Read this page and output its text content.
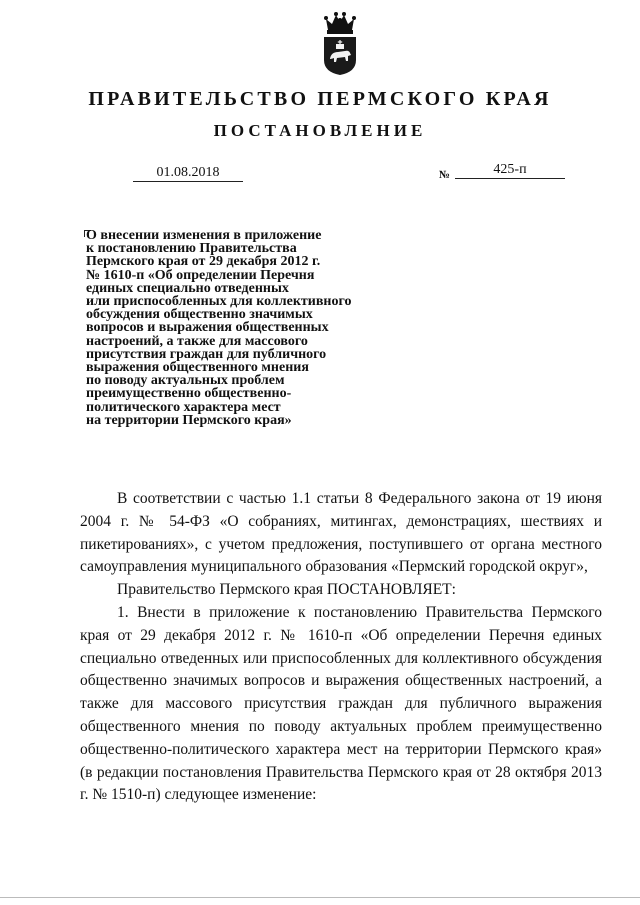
ПРАВИТЕЛЬСТВО ПЕРМСКОГО КРАЯ
ПОСТАНОВЛЕНИЕ
01.08.2018	№	425-п
О внесении изменения в приложение
к постановлению Правительства
Пермского края от 29 декабря 2012 г.
№ 1610-п «Об определении Перечня
единых специально отведенных
или приспособленных для коллективного
обсуждения общественно значимых
вопросов и выражения общественных
настроений, а также для массового
присутствия граждан для публичного
выражения общественного мнения
по поводу актуальных проблем
преимущественно общественно-
политического характера мест
на территории Пермского края»

В соответствии с частью 1.1 статьи 8 Федерального закона от 19 июня 2004 г. № 54-ФЗ «О собраниях, митингах, демонстрациях, шествиях и пикетированиях», с учетом предложения, поступившего от органа местного самоуправления муниципального образования «Пермский городской округ»,

Правительство Пермского края ПОСТАНОВЛЯЕТ:

1. Внести в приложение к постановлению Правительства Пермского края от 29 декабря 2012 г. № 1610-п «Об определении Перечня единых специально отведенных или приспособленных для коллективного обсуждения общественно значимых вопросов и выражения общественных настроений, а также для массового присутствия граждан для публичного выражения общественного мнения по поводу актуальных проблем преимущественно общественно-политического характера мест на территории Пермского края» (в редакции постановления Правительства Пермского края от 28 октября 2013 г. № 1510-п) следующее изменение:
